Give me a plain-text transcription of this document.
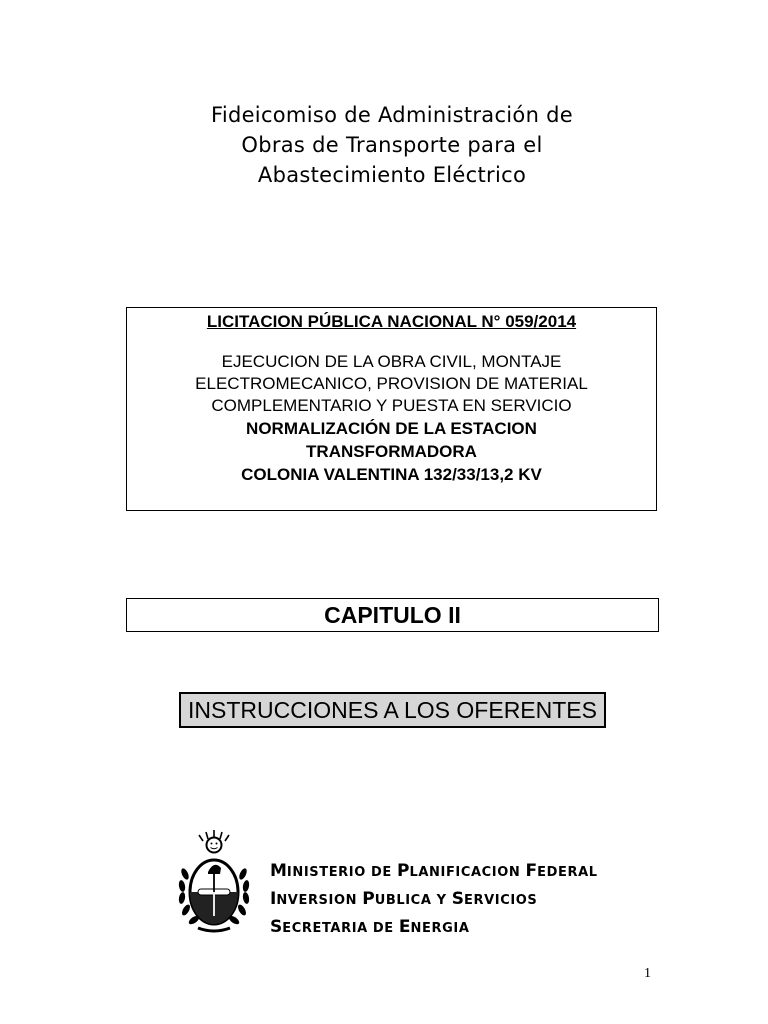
Fideicomiso de Administración de
Obras de Transporte para el
Abastecimiento Eléctrico
LICITACION PÚBLICA NACIONAL N° 059/2014
EJECUCION DE LA OBRA CIVIL, MONTAJE
ELECTROMECANICO, PROVISION DE MATERIAL
COMPLEMENTARIO Y PUESTA EN SERVICIO
NORMALIZACIÓN DE LA ESTACION
TRANSFORMADORA
COLONIA VALENTINA 132/33/13,2 KV
CAPITULO II
INSTRUCCIONES A LOS OFERENTES
MINISTERIO DE PLANIFICACION FEDERAL
INVERSION PUBLICA Y SERVICIOS
SECRETARIA DE ENERGIA
1
